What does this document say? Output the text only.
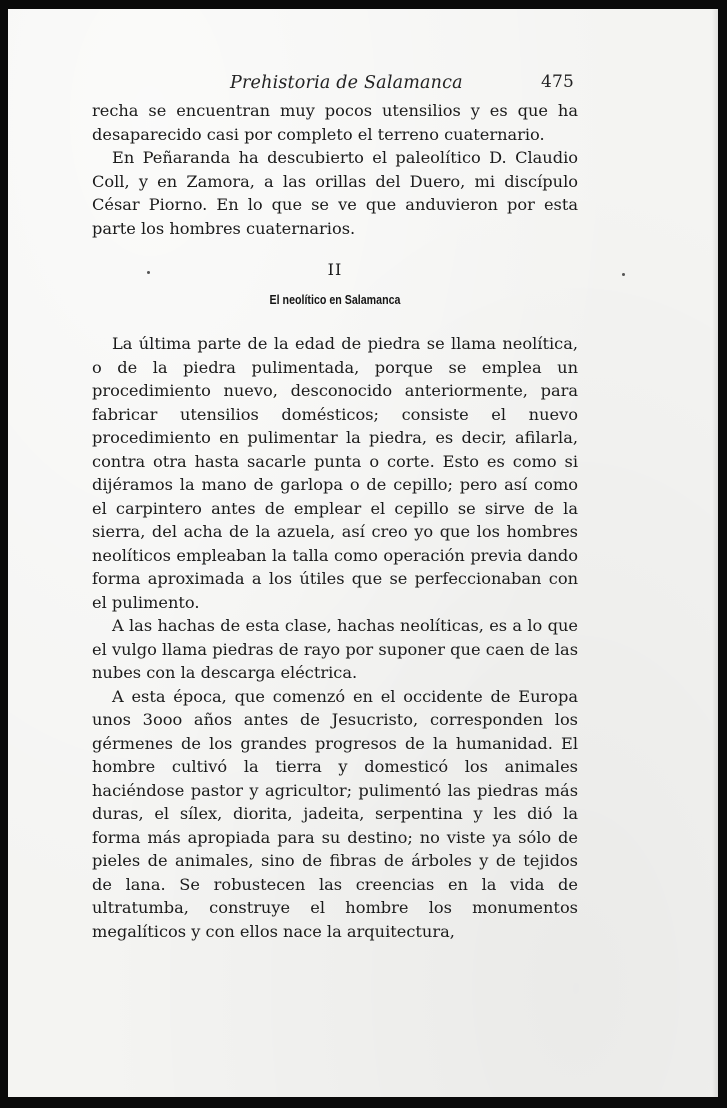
Prehistoria de Salamanca	475

recha se encuentran muy pocos utensilios y es que ha desaparecido casi por completo el terreno cuaternario.

En Peñaranda ha descubierto el paleolítico D. Claudio Coll, y en Zamora, a las orillas del Duero, mi discípulo César Piorno. En lo que se ve que anduvieron por esta parte los hombres cuaternarios.

II
El neolítico en Salamanca

La última parte de la edad de piedra se llama neolítica, o de la piedra pulimentada, porque se emplea un procedimiento nuevo, desconocido anteriormente, para fabricar utensilios domésticos; consiste el nuevo procedimiento en pulimentar la piedra, es decir, afilarla, contra otra hasta sacarle punta o corte. Esto es como si dijéramos la mano de garlopa o de cepillo; pero así como el carpintero antes de emplear el cepillo se sirve de la sierra, del acha de la azuela, así creo yo que los hombres neolíticos empleaban la talla como operación previa dando forma aproximada a los útiles que se perfeccionaban con el pulimento.

A las hachas de esta clase, hachas neolíticas, es a lo que el vulgo llama piedras de rayo por suponer que caen de las nubes con la descarga eléctrica.

A esta época, que comenzó en el occidente de Europa unos 3ooo años antes de Jesucristo, corresponden los gérmenes de los grandes progresos de la humanidad. El hombre cultivó la tierra y domesticó los animales haciéndose pastor y agricultor; pulimentó las piedras más duras, el sílex, diorita, jadeita, serpentina y les dió la forma más apropiada para su destino; no viste ya sólo de pieles de animales, sino de fibras de árboles y de tejidos de lana. Se robustecen las creencias en la vida de ultratumba, construye el hombre los monumentos megalíticos y con ellos nace la arquitectura,
